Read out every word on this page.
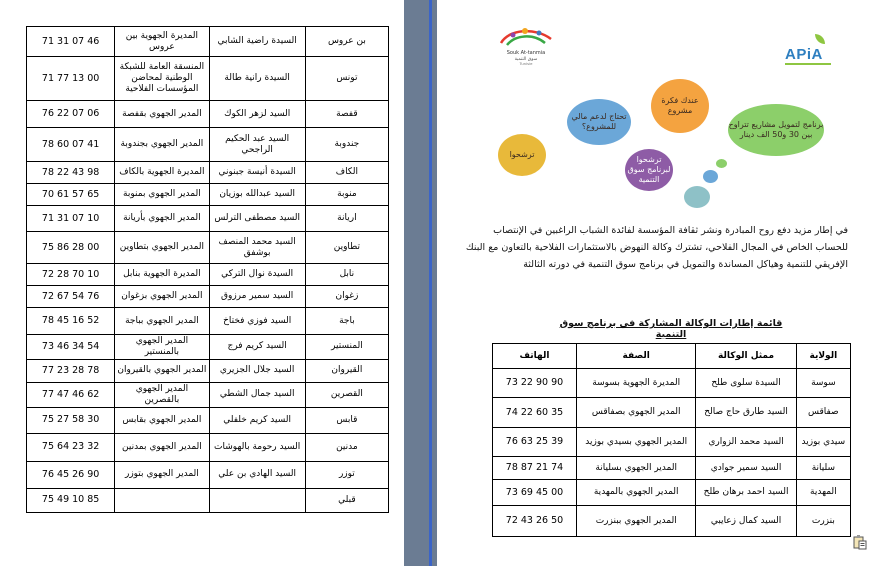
بن عروس	السيدة راضية الشابي	المديرة الجهوية بين عروس	71 31 07 46
تونس	السيدة رانية طالة	المنسقة العامة للشبكة الوطنية لمحاضن المؤسسات الفلاحية	71 77 13 00
قفصة	السيد لزهر الكوك	المدير الجهوي بقفصة	76 22 07 06
جندوبة	السيد عبد الحكيم الراجحي	المدير الجهوي بجندوبة	78 60 07 41
الكاف	السيدة أنيسة جبنوني	المديرة الجهوية بالكاف	78 22 43 98
منوبة	السيد عبدالله بوزيان	المدير الجهوي بمنوبة	70 61 57 65
اريانة	السيد مصطفى الترلس	المدير الجهوي بأريانة	71 31 07 10
تطاوين	السيد محمد المنصف بوشفق	المدير الجهوي بتطاوين	75 86 28 00
نابل	السيدة نوال التركي	المديرة الجهوية بنابل	72 28 70 10
زغوان	السيد سمير مرزوق	المدير الجهوي بزغوان	72 67 54 76
باجة	السيد فوزي فختاخ	المدير الجهوي بباجة	78 45 16 52
المنستير	السيد كريم فرج	المدير الجهوي بالمنستير	73 46 34 54
القيروان	السيد جلال الجزيري	المدير الجهوي بالقيروان	77 23 28 78
القصرين	السيد جمال الشطي	المدير الجهوي بالقصرين	77 47 46 62
قابس	السيد كريم خلفلي	المدير الجهوي بقابس	75 27 58 30
مدنين	السيد رحومة بالهوشات	المدير الجهوي بمدنين	75 64 23 32
توزر	السيد الهادي بن علي	المدير الجهوي بتوزر	76 45 26 90
قبلي			75 49 10 85
APiA
Souk At-tanmia
سوق التنمية
Tunisie
عندك فكرة مشروع
تحتاج لدعم مالي للمشروع؟
ترشحوا
ترشحوا لبرنامج سوق التنمية
برنامج لتمويل مشاريع تتراوح بين 30 و50 الف دينار

في إطار مزيد دفع روح المبادرة ونشر ثقافة المؤسسة لفائدة الشباب الراغبين في الإنتصاب للحساب الخاص في المجال الفلاحي، تشترك وكالة النهوض بالاستثمارات الفلاحية بالتعاون مع البنك الإفريقي للتنمية وهياكل المساندة والتمويل في برنامج سوق التنمية في دورته الثالثة

قائمة إطارات الوكالة المشاركة في برنامج سوق التنمية

الولاية	ممثل الوكالة	الصفة	الهاتف
سوسة	السيدة سلوى طلح	المديرة الجهوية بسوسة	73 22 90 90
صفاقس	السيد طارق حاج صالح	المدير الجهوي بصفاقس	74 22 60 35
سيدي بوزيد	السيد محمد الزواري	المدير الجهوي بسيدي بوزيد	76 63 25 39
سليانة	السيد سمير جوادي	المدير الجهوي بسليانة	78 87 21 74
المهدية	السيد احمد برهان طلح	المدير الجهوي بالمهدية	73 69 45 00
بنزرت	السيد كمال زعايبي	المدير الجهوي ببنزرت	72 43 26 50
